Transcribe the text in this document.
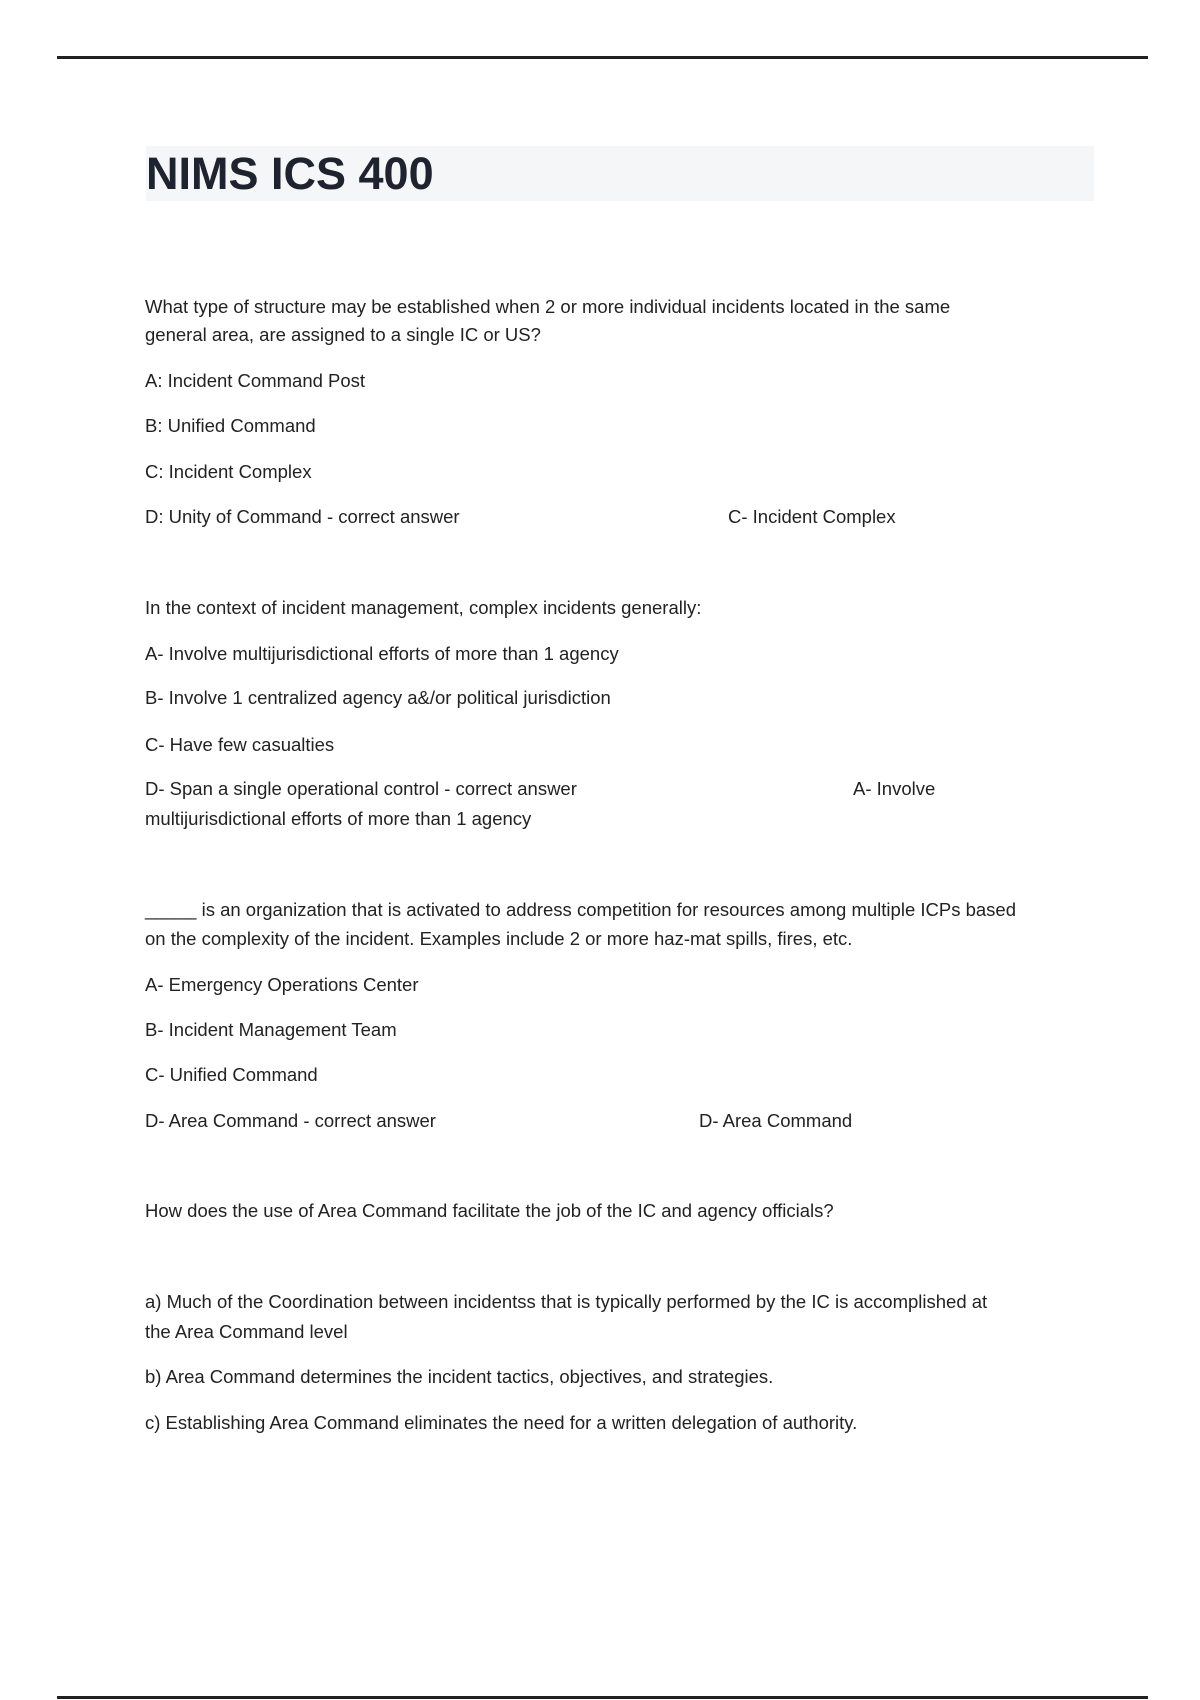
NIMS ICS 400
What type of structure may be established when 2 or more individual incidents located in the same
general area, are assigned to a single IC or US?
A: Incident Command Post
B: Unified Command
C: Incident Complex
D: Unity of Command - correct answer	C- Incident Complex
In the context of incident management, complex incidents generally:
A- Involve multijurisdictional efforts of more than 1 agency
B- Involve 1 centralized agency a&/or political jurisdiction
C- Have few casualties
D- Span a single operational control - correct answer	A- Involve
multijurisdictional efforts of more than 1 agency
_____ is an organization that is activated to address competition for resources among multiple ICPs based
on the complexity of the incident. Examples include 2 or more haz-mat spills, fires, etc.
A- Emergency Operations Center
B- Incident Management Team
C- Unified Command
D- Area Command - correct answer	D- Area Command
How does the use of Area Command facilitate the job of the IC and agency officials?
a) Much of the Coordination between incidentss that is typically performed by the IC is accomplished at
the Area Command level
b) Area Command determines the incident tactics, objectives, and strategies.
c) Establishing Area Command eliminates the need for a written delegation of authority.
